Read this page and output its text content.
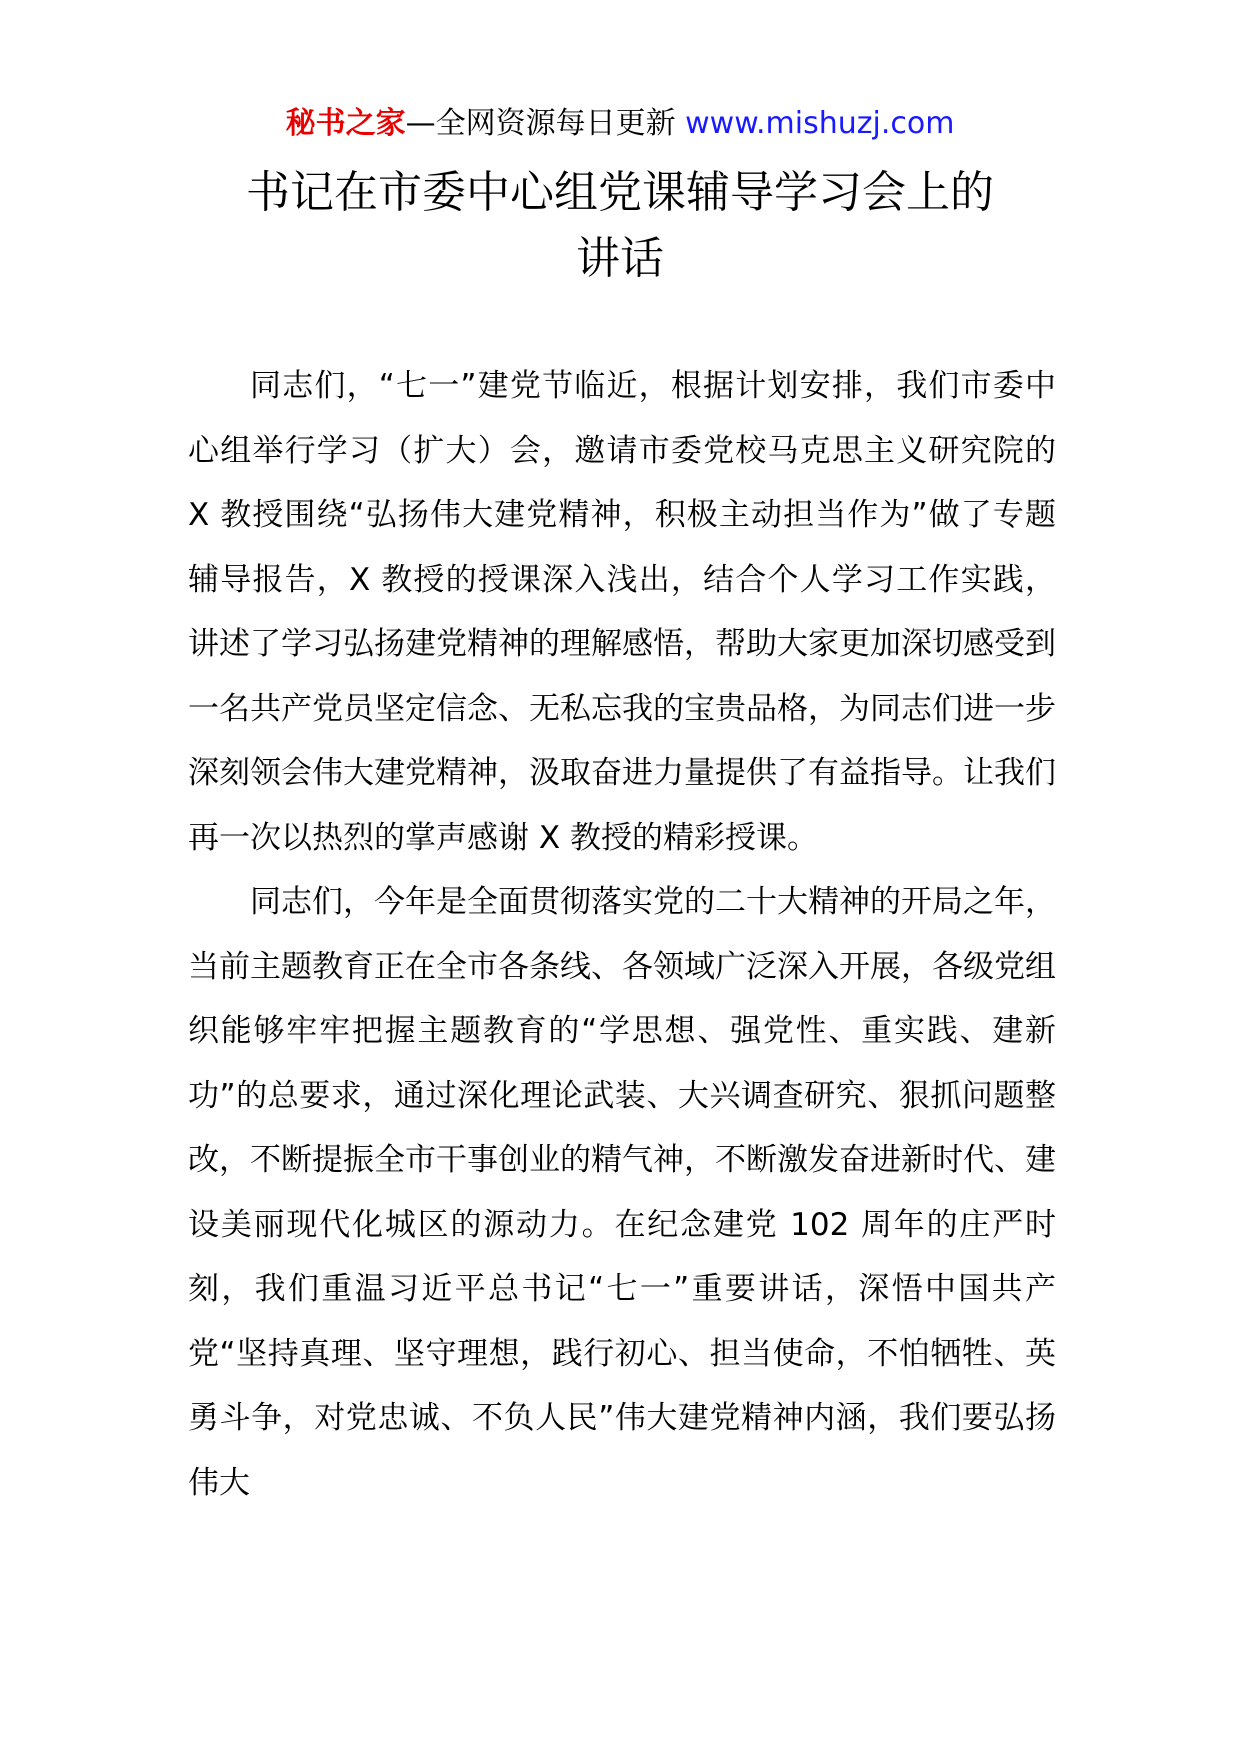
秘书之家—全网资源每日更新 www.mishuzj.com
书记在市委中心组党课辅导学习会上的
讲话

同志们，“七一”建党节临近，根据计划安排，我们市委中心组举行学习（扩大）会，邀请市委党校马克思主义研究院的 X 教授围绕“弘扬伟大建党精神，积极主动担当作为”做了专题辅导报告，X 教授的授课深入浅出，结合个人学习工作实践，讲述了学习弘扬建党精神的理解感悟，帮助大家更加深切感受到一名共产党员坚定信念、无私忘我的宝贵品格，为同志们进一步深刻领会伟大建党精神，汲取奋进力量提供了有益指导。让我们再一次以热烈的掌声感谢 X 教授的精彩授课。

同志们，今年是全面贯彻落实党的二十大精神的开局之年，当前主题教育正在全市各条线、各领域广泛深入开展，各级党组织能够牢牢把握主题教育的“学思想、强党性、重实践、建新功”的总要求，通过深化理论武装、大兴调查研究、狠抓问题整改，不断提振全市干事创业的精气神，不断激发奋进新时代、建设美丽现代化城区的源动力。在纪念建党 102 周年的庄严时刻，我们重温习近平总书记“七一”重要讲话，深悟中国共产党“坚持真理、坚守理想，践行初心、担当使命，不怕牺牲、英勇斗争，对党忠诚、不负人民”伟大建党精神内涵，我们要弘扬伟大
